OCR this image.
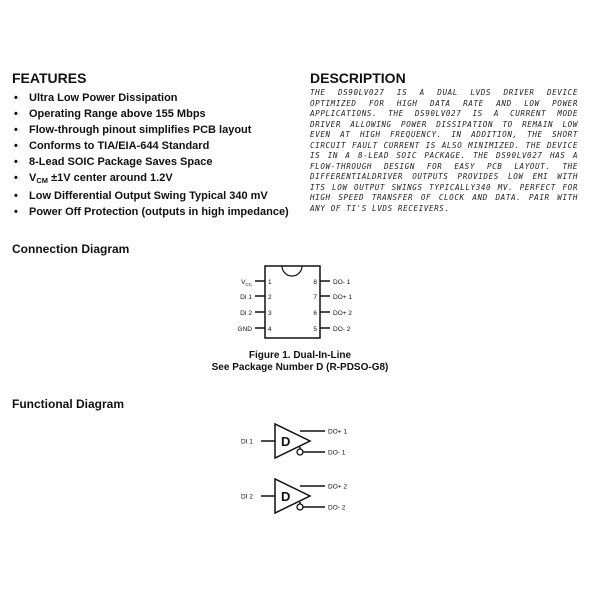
FEATURES
• Ultra Low Power Dissipation
• Operating Range above 155 Mbps
• Flow-through pinout simplifies PCB layout
• Conforms to TIA/EIA-644 Standard
• 8-Lead SOIC Package Saves Space
• $V_{CM} \pm 1V$ center around 1.2V
• Low Differential Output Swing Typical 340 mV
• Power Off Protection (outputs in high impedance)
DESCRIPTION

THE DS90LV027 IS A DUAL LVDS DRIVER DEVICE OPTIMIZED FOR HIGH DATA RATE AND LOW POWER APPLICATIONS. THE DS90LV027 IS A CURRENT MODE DRIVER ALLOWING POWER DISSIPATION TO REMAIN LOW EVEN AT HIGH FREQUENCY. IN ADDITION, THE SHORT CIRCUIT FAULT CURRENT IS ALSO MINIMIZED. THE DEVICE IS IN A 8-LEAD SOIC PACKAGE. THE DS90LV027 HAS A FLOW-THROUGH DESIGN FOR EASY PCB LAYOUT. THE DIFFERENTIALDRIVER OUTPUTS PROVIDES LOW EMI WITH ITS LOW OUTPUT SWINGS TYPICALLY340 MV. PERFECT FOR HIGH SPEED TRANSFER OF CLOCK AND DATA. PAIR WITH ANY OF TI'S LVDS RECEIVERS.

Connection Diagram
1
$V_{CC}$
2
DI 1
3
DI 2
4
GND
8 DO- 1
7 DO+ 1
6 DO+ 2
5 DO- 2
Figure 1. Dual-In-Line
See Package Number D (R-PDSO-G8)
Functional Diagram
DI 1 D
DO+ 1
DO- 1
DI 2 D
DO+ 2
DO- 2
